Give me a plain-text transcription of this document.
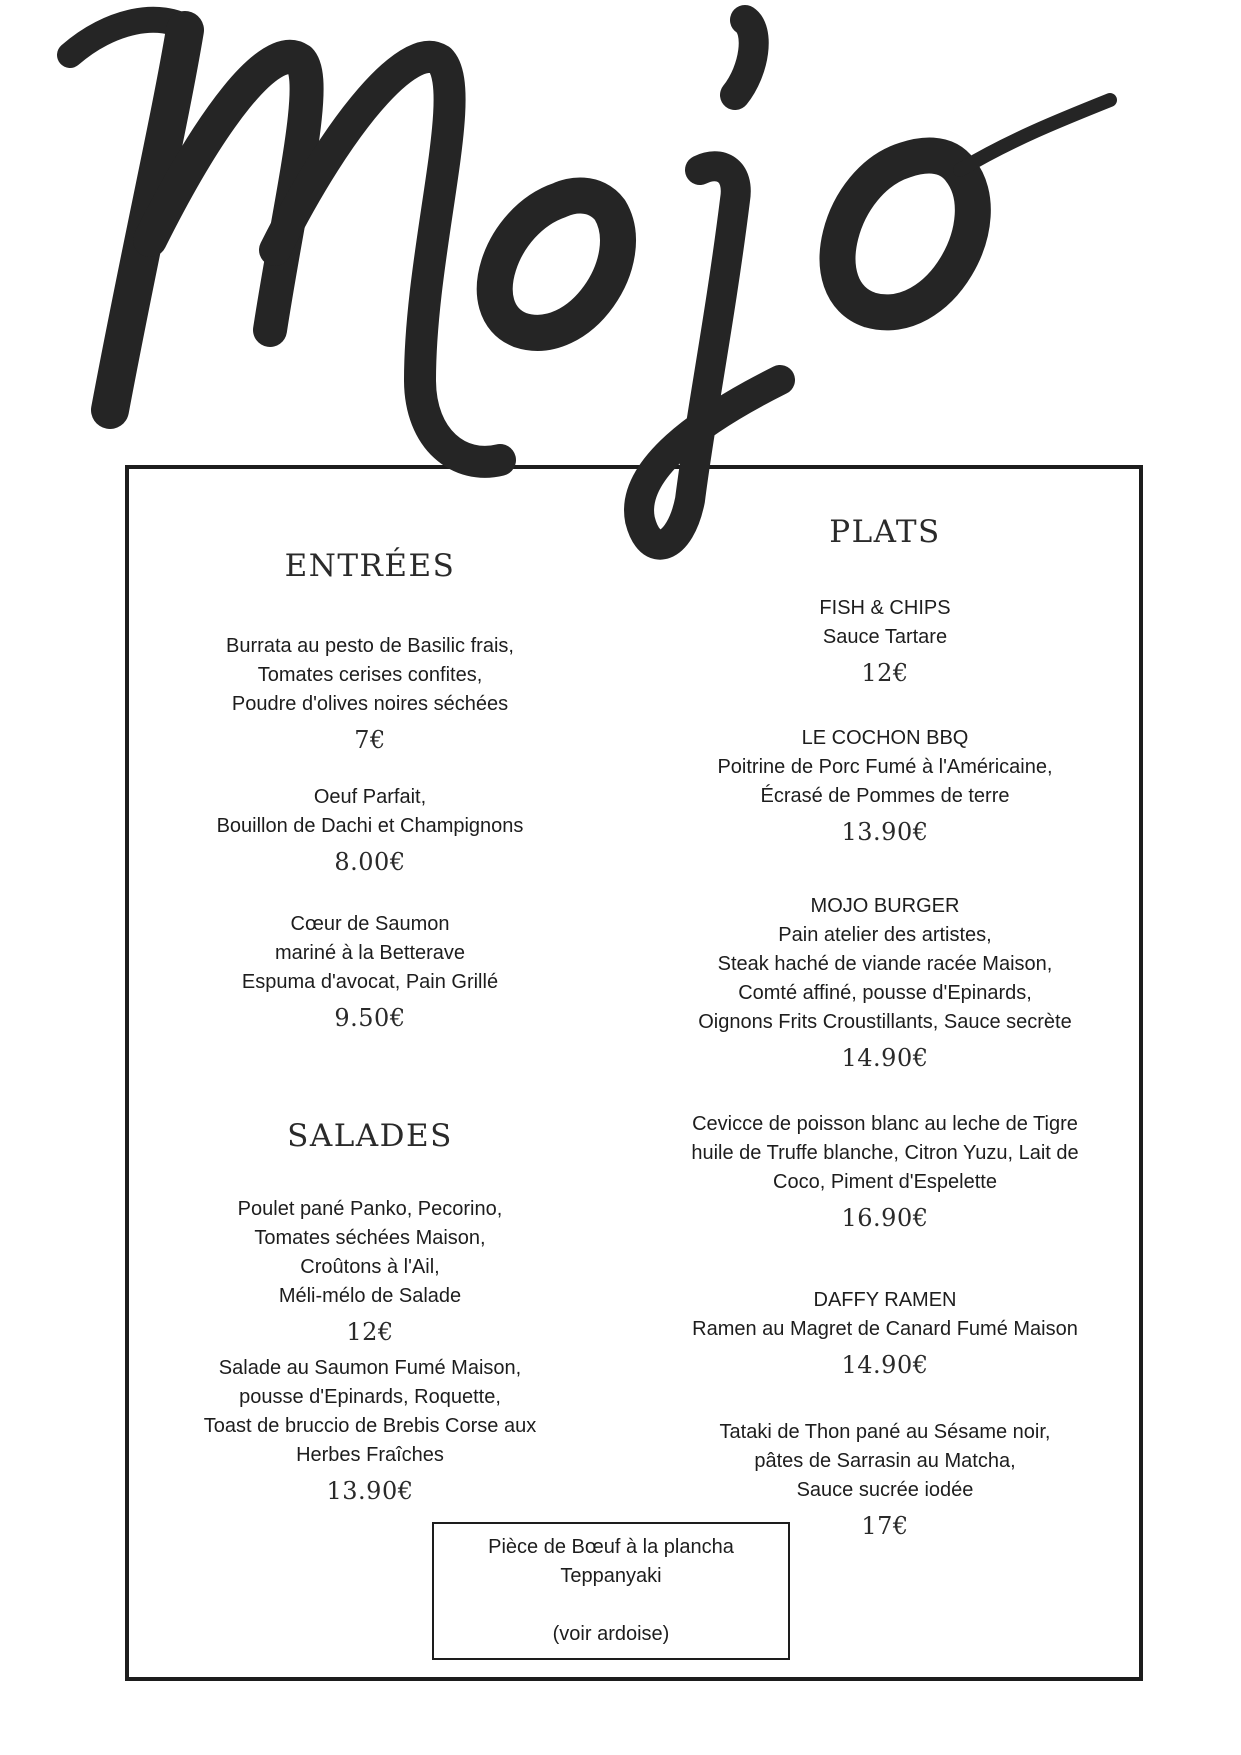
ENTRÉES
Burrata au pesto de Basilic frais,
Tomates cerises confites,
Poudre d'olives noires séchées
7€
Oeuf Parfait,
Bouillon de Dachi et Champignons
8.00€
Cœur de Saumon
mariné à la Betterave
Espuma d'avocat, Pain Grillé
9.50€
SALADES
Poulet pané Panko, Pecorino,
Tomates séchées Maison,
Croûtons à l'Ail,
Méli-mélo de Salade
12€
Salade au Saumon Fumé Maison,
pousse d'Epinards, Roquette,
Toast de bruccio de Brebis Corse aux
Herbes Fraîches
13.90€
PLATS
FISH & CHIPS
Sauce Tartare
12€
LE COCHON BBQ
Poitrine de Porc Fumé à l'Américaine,
Écrasé de Pommes de terre
13.90€
MOJO BURGER
Pain atelier des artistes,
Steak haché de viande racée Maison,
Comté affiné, pousse d'Epinards,
Oignons Frits Croustillants, Sauce secrète
14.90€
Cevicce de poisson blanc au leche de Tigre
huile de Truffe blanche, Citron Yuzu, Lait de
Coco, Piment d'Espelette
16.90€
DAFFY RAMEN
Ramen au Magret de Canard Fumé Maison
14.90€
Tataki de Thon pané au Sésame noir,
pâtes de Sarrasin au Matcha,
Sauce sucrée iodée
17€
Pièce de Bœuf à la plancha
Teppanyaki
(voir ardoise)
